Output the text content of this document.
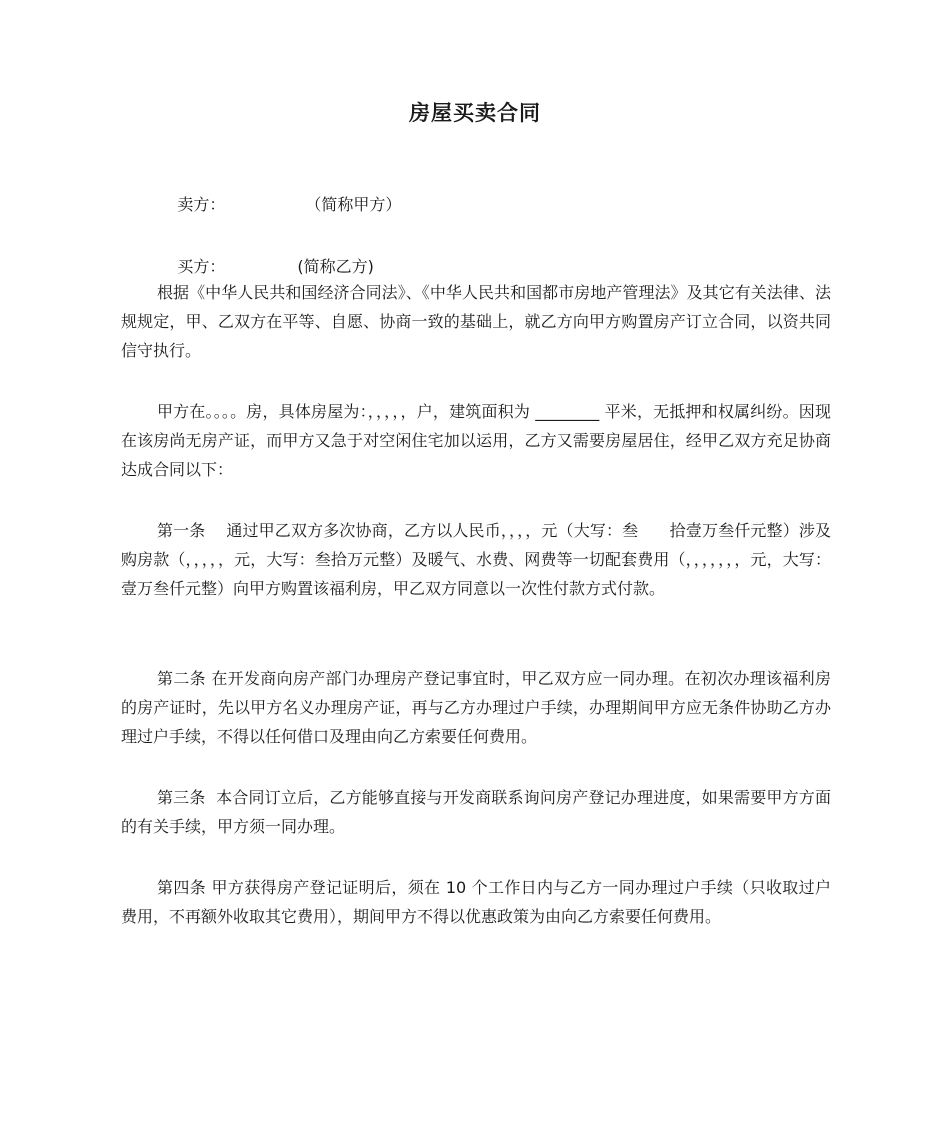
房屋买卖合同

卖方：	（简称甲方）

买方：	(简称乙方)

根据《中华人民共和国经济合同法》、《中华人民共和国都市房地产管理法》及其它有关法律、法规规定，甲、乙双方在平等、自愿、协商一致的基础上，就乙方向甲方购置房产订立合同，以资共同信守执行。

甲方在。。。。房，具体房屋为：，，，，，户，建筑面积为 ________ 平米，无抵押和权属纠纷。因现在该房尚无房产证，而甲方又急于对空闲住宅加以运用，乙方又需要房屋居住，经甲乙双方充足协商达成合同以下：

第一条    通过甲乙双方多次协商，乙方以人民币，，，，元（大写：叁      拾壹万叁仟元整）涉及购房款（，，，，，元，大写：叁拾万元整）及暖气、水费、网费等一切配套费用（，，，，，，，元，大写：壹万叁仟元整）向甲方购置该福利房，甲乙双方同意以一次性付款方式付款。

第二条 在开发商向房产部门办理房产登记事宜时，甲乙双方应一同办理。在初次办理该福利房的房产证时，先以甲方名义办理房产证，再与乙方办理过户手续，办理期间甲方应无条件协助乙方办理过户手续，不得以任何借口及理由向乙方索要任何费用。

第三条  本合同订立后，乙方能够直接与开发商联系询问房产登记办理进度，如果需要甲方方面的有关手续，甲方须一同办理。

第四条 甲方获得房产登记证明后，须在 10 个工作日内与乙方一同办理过户手续（只收取过户费用，不再额外收取其它费用），期间甲方不得以优惠政策为由向乙方索要任何费用。
